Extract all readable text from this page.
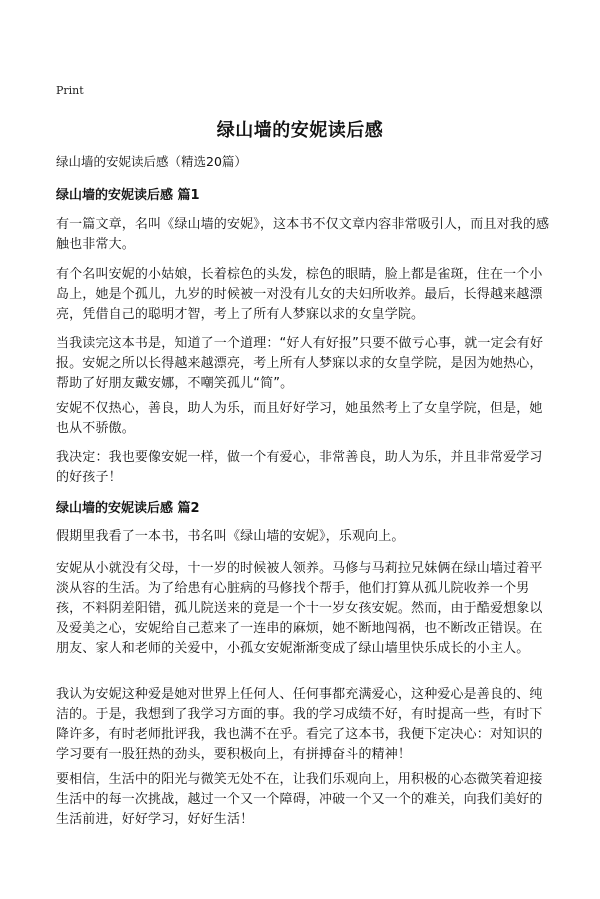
Print
绿山墙的安妮读后感
绿山墙的安妮读后感（精选20篇）
绿山墙的安妮读后感 篇1

有一篇文章，名叫《绿山墙的安妮》，这本书不仅文章内容非常吸引人，而且对我的感触也非常大。

有个名叫安妮的小姑娘，长着棕色的头发，棕色的眼睛，脸上都是雀斑，住在一个小岛上，她是个孤儿，九岁的时候被一对没有儿女的夫妇所收养。最后，长得越来越漂亮，凭借自己的聪明才智，考上了所有人梦寐以求的女皇学院。

当我读完这本书是，知道了一个道理：“好人有好报”只要不做亏心事，就一定会有好报。安妮之所以长得越来越漂亮，考上所有人梦寐以求的女皇学院，是因为她热心，帮助了好朋友戴安娜，不嘲笑孤儿“简”。

安妮不仅热心，善良，助人为乐，而且好好学习，她虽然考上了女皇学院，但是，她也从不骄傲。

我决定：我也要像安妮一样，做一个有爱心，非常善良，助人为乐，并且非常爱学习的好孩子！

绿山墙的安妮读后感 篇2

假期里我看了一本书，书名叫《绿山墙的安妮》，乐观向上。

安妮从小就没有父母，十一岁的时候被人领养。马修与马莉拉兄妹俩在绿山墙过着平淡从容的生活。为了给患有心脏病的马修找个帮手，他们打算从孤儿院收养一个男孩，不料阴差阳错，孤儿院送来的竟是一个十一岁女孩安妮。然而，由于酷爱想象以及爱美之心，安妮给自己惹来了一连串的麻烦，她不断地闯祸，也不断改正错误。在朋友、家人和老师的关爱中，小孤女安妮渐渐变成了绿山墙里快乐成长的小主人。

我认为安妮这种爱是她对世界上任何人、任何事都充满爱心，这种爱心是善良的、纯洁的。于是，我想到了我学习方面的事。我的学习成绩不好，有时提高一些，有时下降许多，有时老师批评我，我也满不在乎。看完了这本书，我便下定决心：对知识的学习要有一股狂热的劲头，要积极向上，有拼搏奋斗的精神！

要相信，生活中的阳光与微笑无处不在，让我们乐观向上，用积极的心态微笑着迎接生活中的每一次挑战，越过一个又一个障碍，冲破一个又一个的难关，向我们美好的生活前进，好好学习，好好生活！
